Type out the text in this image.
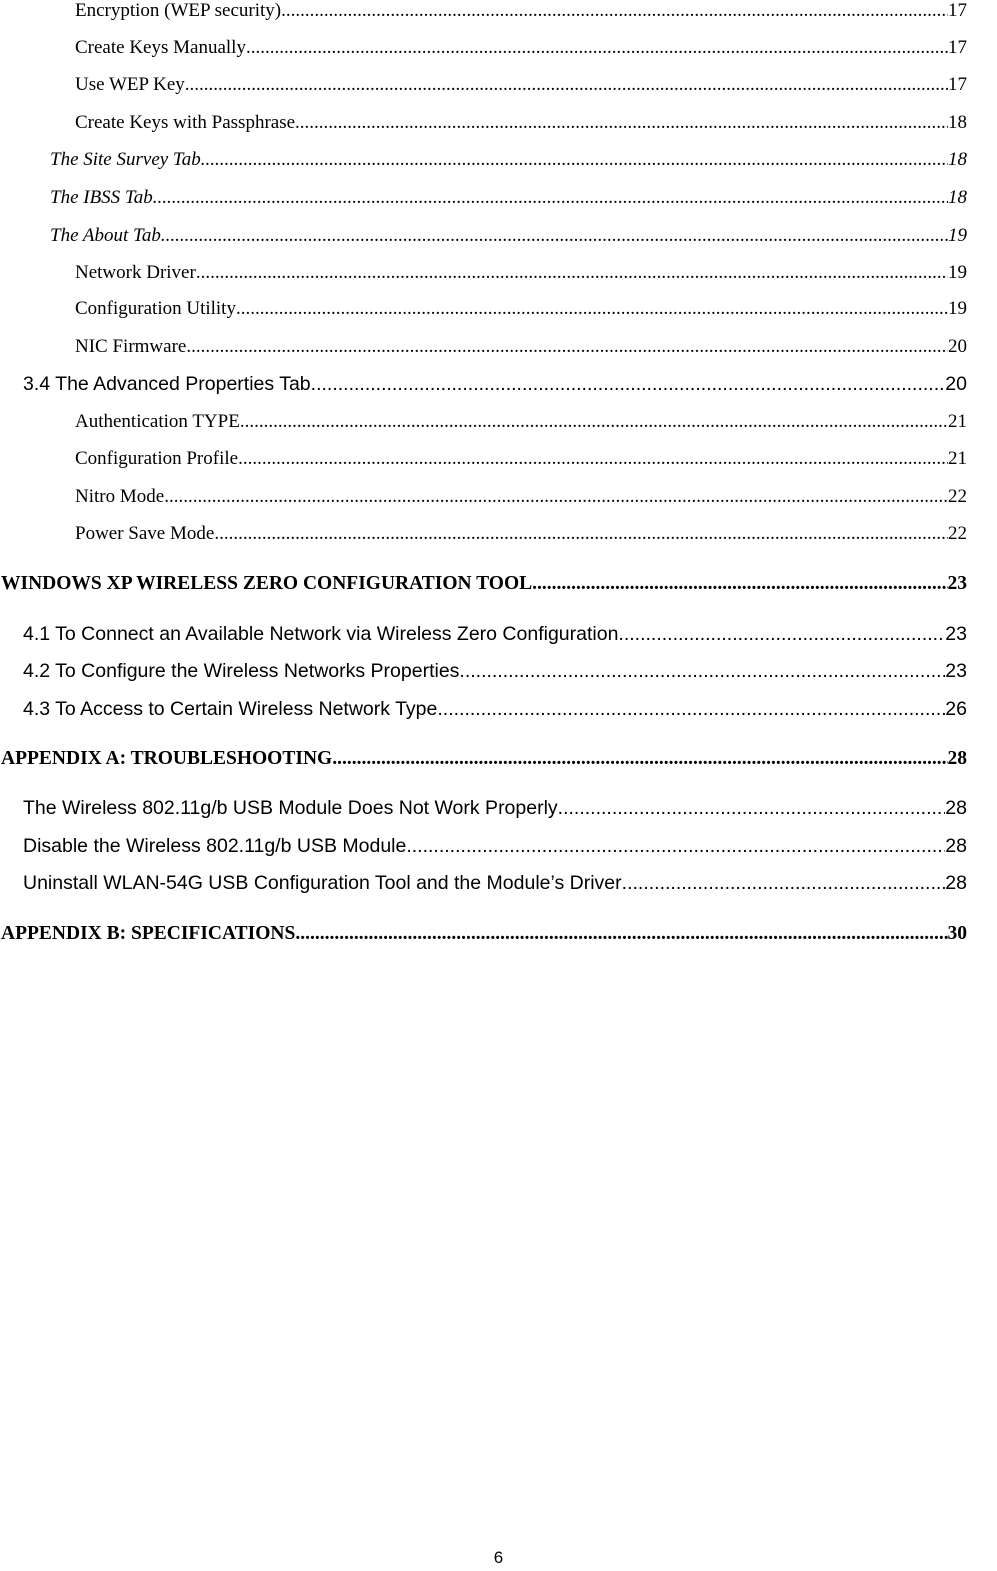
Encryption (WEP security) .....	17
Create Keys Manually .....	17
Use WEP Key .....	17
Create Keys with Passphrase .....	18
The Site Survey Tab .....	18
The IBSS Tab .....	18
The About Tab .....	19
Network Driver .....	19
Configuration Utility .....	19
NIC Firmware .....	20
3.4 The Advanced Properties Tab .....	20
Authentication TYPE .....	21
Configuration Profile .....	21
Nitro Mode .....	22
Power Save Mode .....	22
WINDOWS XP WIRELESS ZERO CONFIGURATION TOOL .....	23
4.1 To Connect an Available Network via Wireless Zero Configuration .....	23
4.2 To Configure the Wireless Networks Properties .....	23
4.3 To Access to Certain Wireless Network Type .....	26
APPENDIX A: TROUBLESHOOTING .....	28
The Wireless 802.11g/b USB Module Does Not Work Properly .....	28
Disable the Wireless 802.11g/b USB Module .....	28
Uninstall WLAN-54G USB Configuration Tool and the Module’s Driver .....	28
APPENDIX B: SPECIFICATIONS .....	30
6
